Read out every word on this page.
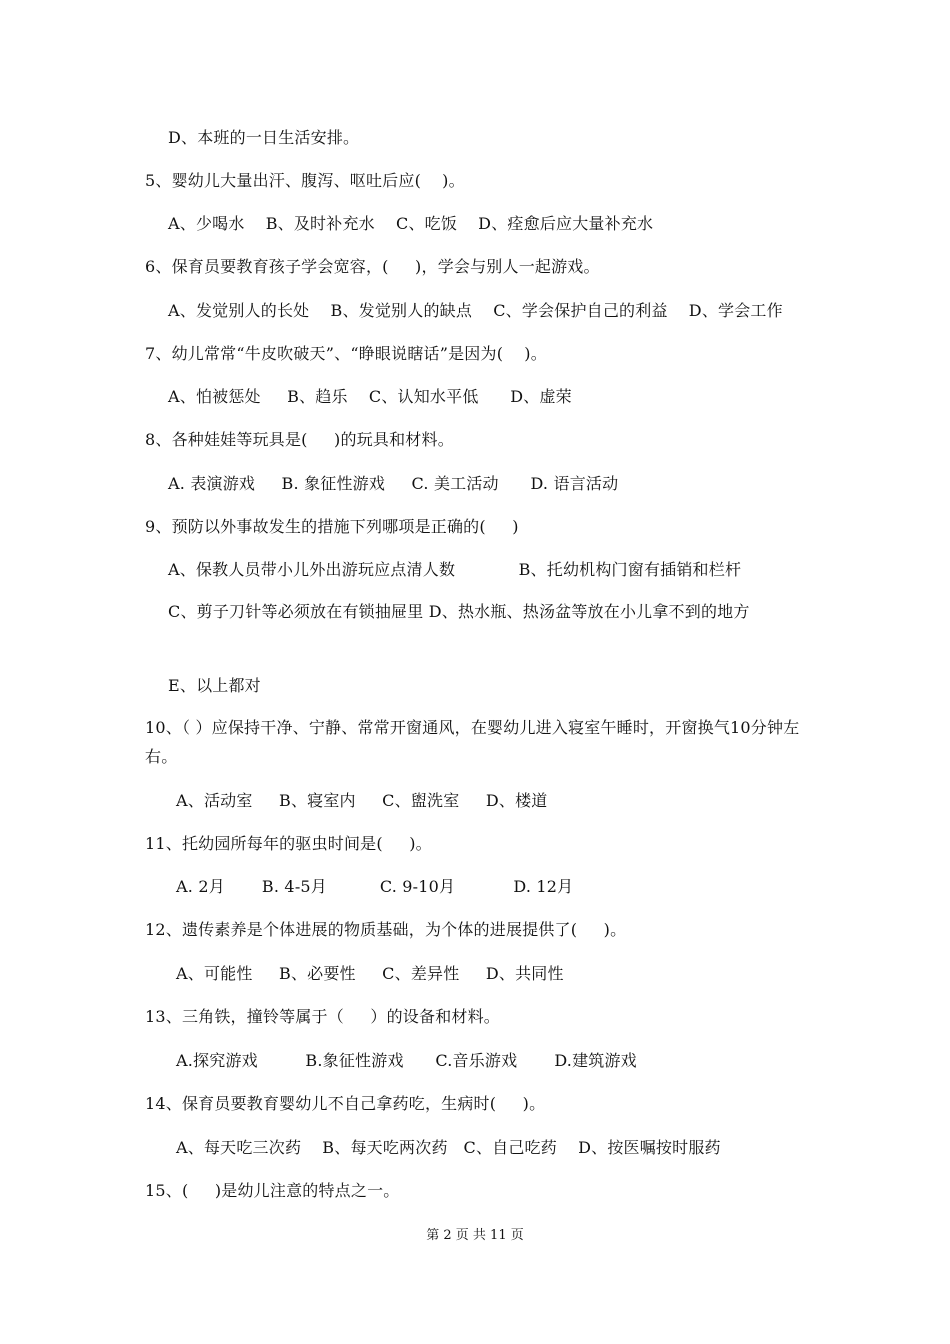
D、本班的一日生活安排。
5、婴幼儿大量出汗、腹泻、呕吐后应(    )。
A、少喝水    B、及时补充水    C、吃饭    D、痊愈后应大量补充水
6、保育员要教育孩子学会宽容，(     )，学会与别人一起游戏。
A、发觉别人的长处    B、发觉别人的缺点    C、学会保护自己的利益    D、学会工作
7、幼儿常常“牛皮吹破天”、“睁眼说瞎话”是因为(    )。
A、怕被惩处     B、趋乐    C、认知水平低      D、虚荣
8、各种娃娃等玩具是(     )的玩具和材料。
A. 表演游戏     B. 象征性游戏     C. 美工活动      D. 语言活动
9、预防以外事故发生的措施下列哪项是正确的(     )
A、保教人员带小儿外出游玩应点清人数            B、托幼机构门窗有插销和栏杆
C、剪子刀针等必须放在有锁抽屉里 D、热水瓶、热汤盆等放在小儿拿不到的地方
E、以上都对
10、（ ）应保持干净、宁静、常常开窗通风，在婴幼儿进入寝室午睡时，开窗换气10分钟左右。
A、活动室     B、寝室内     C、盥洗室     D、楼道
11、托幼园所每年的驱虫时间是(     )。
A. 2月       B. 4-5月          C. 9-10月           D. 12月
12、遗传素养是个体进展的物质基础，为个体的进展提供了(     )。
A、可能性     B、必要性     C、差异性     D、共同性
13、三角铁，撞铃等属于（     ）的设备和材料。
A.探究游戏         B.象征性游戏      C.音乐游戏       D.建筑游戏
14、保育员要教育婴幼儿不自己拿药吃，生病时(     )。
A、每天吃三次药    B、每天吃两次药   C、自己吃药    D、按医嘱按时服药
15、(     )是幼儿注意的特点之一。
第 2 页 共 11 页
